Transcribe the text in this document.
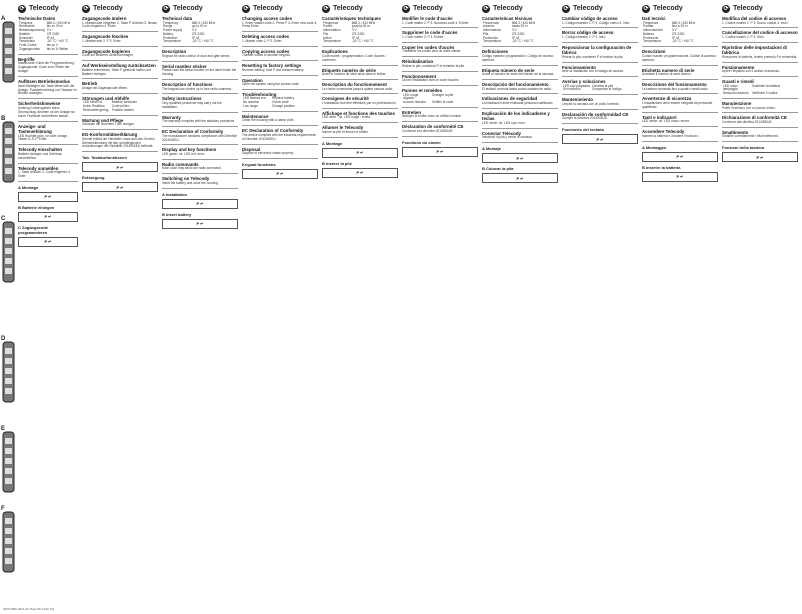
⟳ Telecody
Technische Daten
Frequenz	868,3 / 433 MHz
Reichweite	bis zu 30 m
Betriebsspannung	3 V
Batterie	CR 2450
Schutzart	IP 44
Temperatur	-20 °C / +60 °C
Funk-Codes	bis zu 4
Zugangscodes	bis zu 6 Stellen
Begriffe
Mastercode: Dient der Programmierung. Zugangscode: Code zum Öffnen der Anlage.
Auflösen Betriebsmodus
Nach Betätigen der Taste öffnet sich die Anlage. Funkbeleuchtung und Tastatur im Betrieb anzeigen.
Sicherheitshinweise
Achtung! Lebensgefahr durch Stromschlag. Arbeiten an der Anlage nur durch Fachkraft durchführen lassen.
Anzeige- und Tastenerklärung
LED leuchtet grün, rot oder orange. Tasten 0–9, P, Enter.
Telecody einschalten
Batterie einlegen und Gehäuse verschließen.
Telecody anmelden
1. Taste drücken 2. Code eingeben 3. Enter
A Montage
P ↵
B Batterie einlegen
P ↵
C Zugangscode programmieren
P ↵
⟳ Telecody
Zugangscode ändern
1. Mastercode eingeben 2. Taste P drücken 3. Neuen Code eingeben 4. Enter
Zugangscode löschen
1. Mastercode 2. P 3. Enter
Zugangscode kopieren
Code auf weiteres Gerät übertragen.
Auf Werkseinstellung zurücksetzen
Batterie entnehmen, Taste P gedrückt halten und Batterie einlegen.
Betrieb
Anlage mit Zugangscode öffnen.
Störungen und Abhilfe
LED blinkt rot	Batterie wechseln
Keine Reaktion	Code prüfen
Reichweite gering	Position ändern
Wartung und Pflege
Gehäuse mit feuchtem Tuch reinigen.
EG-Konformitätserklärung
Hiermit erklärt der Hersteller, dass sich das Gerät in Übereinstimmung mit den grundlegenden Anforderungen der Richtlinie 2014/53/EU befindet.
Tab. Tastaturfunktionen
P ↵
Entsorgung
P ↵
⟳ Telecody
Technical data
Frequency	868.3 / 433 MHz
Range	up to 30 m
Power supply	3 V
Battery	CR 2450
Protection	IP 44
Temperature	-20 °C / +60 °C
Description
Keypad for radio control of door and gate drives.
Serial number sticker
Please note the serial number on the label inside the housing.
Description of functions
The keypad can control up to four radio channels.
Safety instructions
Only qualified personnel may carry out the installation.
Warranty
The warranty complies with the statutory provisions.
EC Declaration of Conformity
The manufacturer declares compliance with Directive 2014/53/EU.
Display and key functions
LED green: ok. LED red: error.
Radio commands
Each code may send one radio command.
Switching on Telecody
Insert the battery and close the housing.
A Installation
P ↵
B Insert battery
P ↵
⟳ Telecody
Changing access codes
1. Enter master code 2. Press P 3. Enter new code 4. Press Enter
Deleting access codes
1. Master code 2. P 3. Enter
Copying access codes
Transfer codes to another keypad.
Resetting to factory settings
Remove battery, hold P and reinsert battery.
Operation
Open the system using the access code.
Troubleshooting
LED flashes red	Replace battery
No reaction	Check code
Low range	Change position
Maintenance
Clean the housing with a damp cloth.
EC Declaration of Conformity
The device complies with the essential requirements of Directive 2014/53/EU.
Disposal
Dispose of electronic waste properly.
Keypad functions
P ↵
⟳ Telecody
Caractéristiques techniques
Fréquence	868,3 / 433 MHz
Portée	jusqu'à 30 m
Alimentation	3 V
Pile	CR 2450
Indice	IP 44
Température	-20 °C / +60 °C
Explications
Code maître : programmation. Code d'accès : ouverture.
Étiquette numéro de série
Noter le numéro de série situé dans le boîtier.
Description du fonctionnement
Le clavier commande jusqu'à quatre canaux radio.
Consignes de sécurité
L'installation doit être effectuée par un professionnel.
Affichage et fonctions des touches
LED verte : ok. LED rouge : erreur.
Allumer le Telecody
Insérer la pile et fermer le boîtier.
A Montage
P ↵
B Insérer la pile
P ↵
⟳ Telecody
Modifier le code d'accès
1. Code maître 2. P 3. Nouveau code 4. Entrée
Supprimer le code d'accès
1. Code maître 2. P 3. Entrée
Copier les codes d'accès
Transférer les codes vers un autre clavier.
Réinitialisation
Retirer la pile, maintenir P et remettre la pile.
Fonctionnement
Ouvrir l'installation avec le code d'accès.
Pannes et remèdes
LED rouge clignote	Changer la pile
Aucune réaction	Vérifier le code
Entretien
Nettoyer le boîtier avec un chiffon humide.
Déclaration de conformité CE
Conforme à la directive 2014/53/UE.
Fonctions du clavier
P ↵
⟳ Telecody
Características técnicas
Frecuencia	868,3 / 433 MHz
Alcance	hasta 30 m
Alimentación	3 V
Pila	CR 2450
Protección	IP 44
Temperatura	-20 °C / +60 °C
Definiciones
Código maestro: programación. Código de acceso: apertura.
Etiqueta número de serie
Anote el número de serie del interior de la carcasa.
Descripción del funcionamiento
El teclado controla hasta cuatro canales de radio.
Indicaciones de seguridad
La instalación debe realizarla personal cualificado.
Explicación de los indicadores y teclas
LED verde: ok. LED rojo: error.
Conectar Telecody
Introducir la pila y cerrar la carcasa.
A Montaje
P ↵
B Colocar la pila
P ↵
⟳ Telecody
Cambiar código de acceso
1. Código maestro 2. P 3. Código nuevo 4. Intro
Borrar código de acceso
1. Código maestro 2. P 3. Intro
Reposicionar la configuración de fábrica
Retirar la pila, mantener P e insertar la pila.
Funcionamiento
Abrir la instalación con el código de acceso.
Averías y soluciones
LED rojo parpadea	Cambiar la pila
Sin reacción	Comprobar el código
Mantenimiento
Limpiar la carcasa con un paño húmedo.
Declaración de conformidad CE
Cumple la directiva 2014/53/UE.
Funciones del teclado
P ↵
⟳ Telecody
Dati tecnici
Frequenza	868,3 / 433 MHz
Portata	fino a 30 m
Alimentazione	3 V
Batteria	CR 2450
Protezione	IP 44
Temperatura	-20 °C / +60 °C
Descrizioni
Codice master: programmazione. Codice di accesso: apertura.
Etichetta numero di serie
Annotare il numero di serie interno.
Descrizione del funzionamento
La tastiera comanda fino a quattro canali radio.
Avvertenze di sicurezza
L'installazione deve essere eseguita da personale qualificato.
Tasti e indicatori
LED verde: ok. LED rosso: errore.
Accendere Telecody
Inserire la batteria e chiudere l'involucro.
A Montaggio
P ↵
B Inserire la batteria
P ↵
⟳ Telecody
Modifica del codice di accesso
1. Codice master 2. P 3. Nuovo codice 4. Invio
Cancellazione del codice di accesso
1. Codice master 2. P 3. Invio
Ripristino delle impostazioni di fabbrica
Rimuovere la batteria, tenere premuto P e reinserirla.
Funzionamento
Aprire l'impianto con il codice di accesso.
Guasti e rimedi
LED rosso lampeggia	Sostituire la batteria
Nessuna reazione	Verificare il codice
Manutenzione
Pulire l'involucro con un panno umido.
Dichiarazione di conformità CE
Conforme alla direttiva 2014/53/UE.
Smaltimento
Smaltire correttamente i rifiuti elettronici.
Funzioni della tastiera
P ↵
A
B
C
D
E
F
SMT-0090-2021-03 (Tele-DF 1012-13)
